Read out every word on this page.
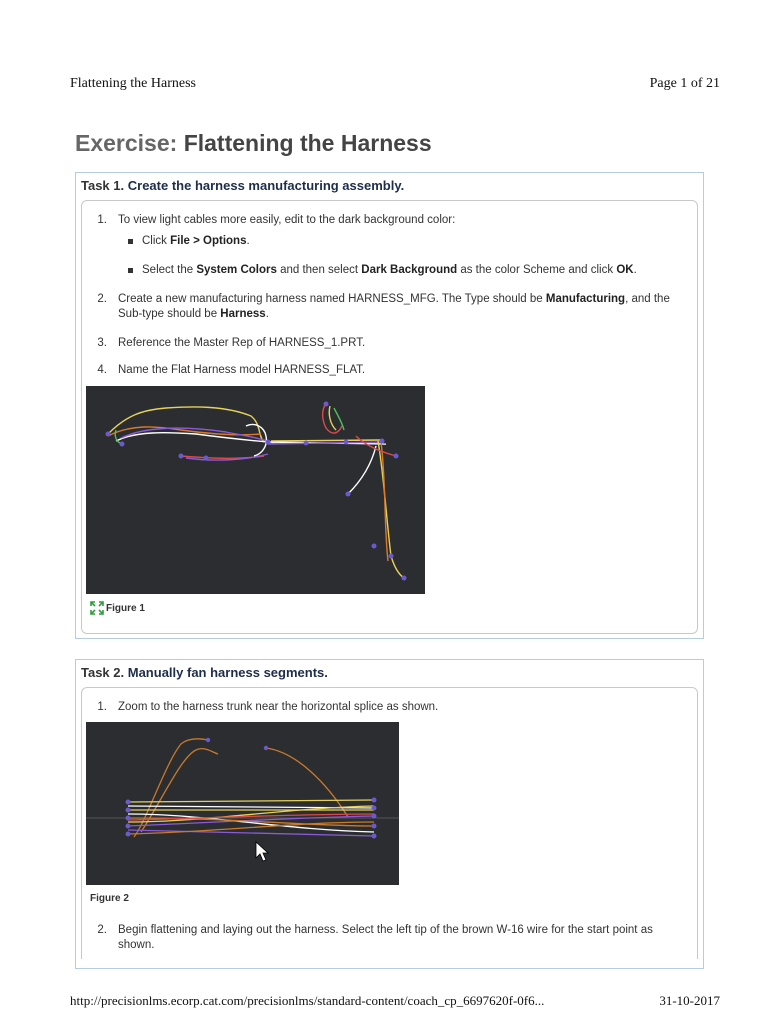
Flattening the Harness	Page 1 of 21
Exercise: Flattening the Harness
Task 1. Create the harness manufacturing assembly.
1. To view light cables more easily, edit to the dark background color:
Click File > Options.
Select the System Colors and then select Dark Background as the color Scheme and click OK.
2. Create a new manufacturing harness named HARNESS_MFG. The Type should be Manufacturing, and the Sub-type should be Harness.
3. Reference the Master Rep of HARNESS_1.PRT.
4. Name the Flat Harness model HARNESS_FLAT.
Figure 1
Task 2. Manually fan harness segments.
1. Zoom to the harness trunk near the horizontal splice as shown.
Figure 2
2. Begin flattening and laying out the harness. Select the left tip of the brown W-16 wire for the start point as shown.
http://precisionlms.ecorp.cat.com/precisionlms/standard-content/coach_cp_6697620f-0f6...	31-10-2017
